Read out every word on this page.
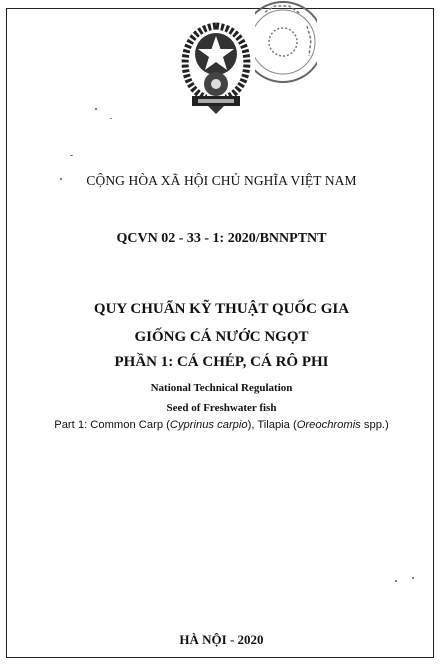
CỘNG HÒA XÃ HỘI CHỦ NGHĨA VIỆT NAM
QCVN 02 - 33 - 1: 2020/BNNPTNT
QUY CHUẨN KỸ THUẬT QUỐC GIA
GIỐNG CÁ NƯỚC NGỌT
PHẦN 1: CÁ CHÉP, CÁ RÔ PHI
National Technical Regulation
Seed of Freshwater fish
Part 1: Common Carp (Cyprinus carpio), Tilapia (Oreochromis spp.)
HÀ NỘI - 2020
